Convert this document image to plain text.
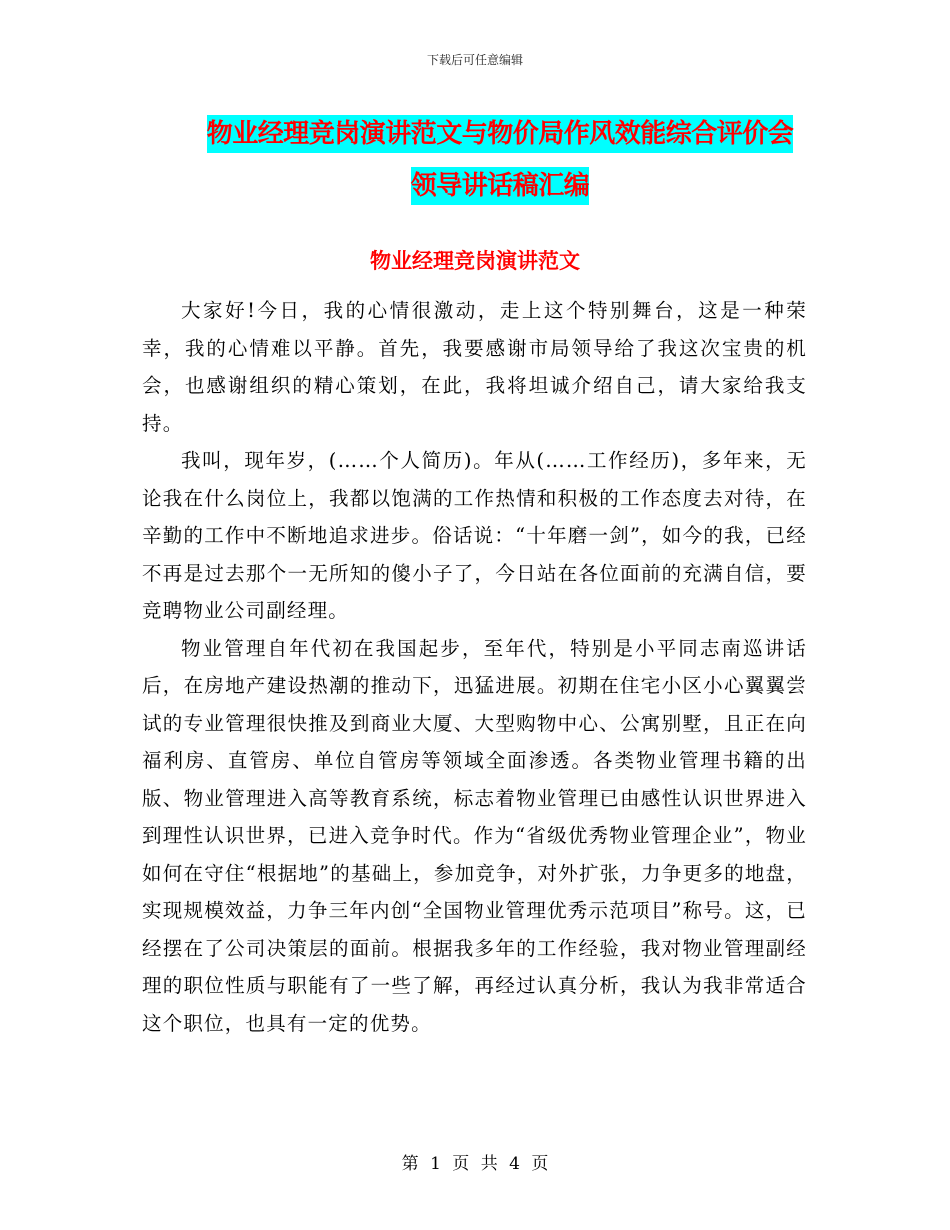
下载后可任意编辑
物业经理竞岗演讲范文与物价局作风效能综合评价会
领导讲话稿汇编
物业经理竞岗演讲范文

大家好!今日，我的心情很激动，走上这个特别舞台，这是一种荣幸，我的心情难以平静。首先，我要感谢市局领导给了我这次宝贵的机会，也感谢组织的精心策划，在此，我将坦诚介绍自己，请大家给我支持。

我叫，现年岁，(……个人简历)。年从(……工作经历)，多年来，无论我在什么岗位上，我都以饱满的工作热情和积极的工作态度去对待，在辛勤的工作中不断地追求进步。俗话说：“十年磨一剑”，如今的我，已经不再是过去那个一无所知的傻小子了，今日站在各位面前的充满自信，要竞聘物业公司副经理。

物业管理自年代初在我国起步，至年代，特别是小平同志南巡讲话后，在房地产建设热潮的推动下，迅猛进展。初期在住宅小区小心翼翼尝试的专业管理很快推及到商业大厦、大型购物中心、公寓别墅，且正在向福利房、直管房、单位自管房等领域全面渗透。各类物业管理书籍的出版、物业管理进入高等教育系统，标志着物业管理已由感性认识世界进入到理性认识世界，已进入竞争时代。作为“省级优秀物业管理企业”，物业如何在守住“根据地”的基础上，参加竞争，对外扩张，力争更多的地盘，实现规模效益，力争三年内创“全国物业管理优秀示范项目”称号。这，已经摆在了公司决策层的面前。根据我多年的工作经验，我对物业管理副经理的职位性质与职能有了一些了解，再经过认真分析，我认为我非常适合这个职位，也具有一定的优势。

第 1 页 共 4 页
